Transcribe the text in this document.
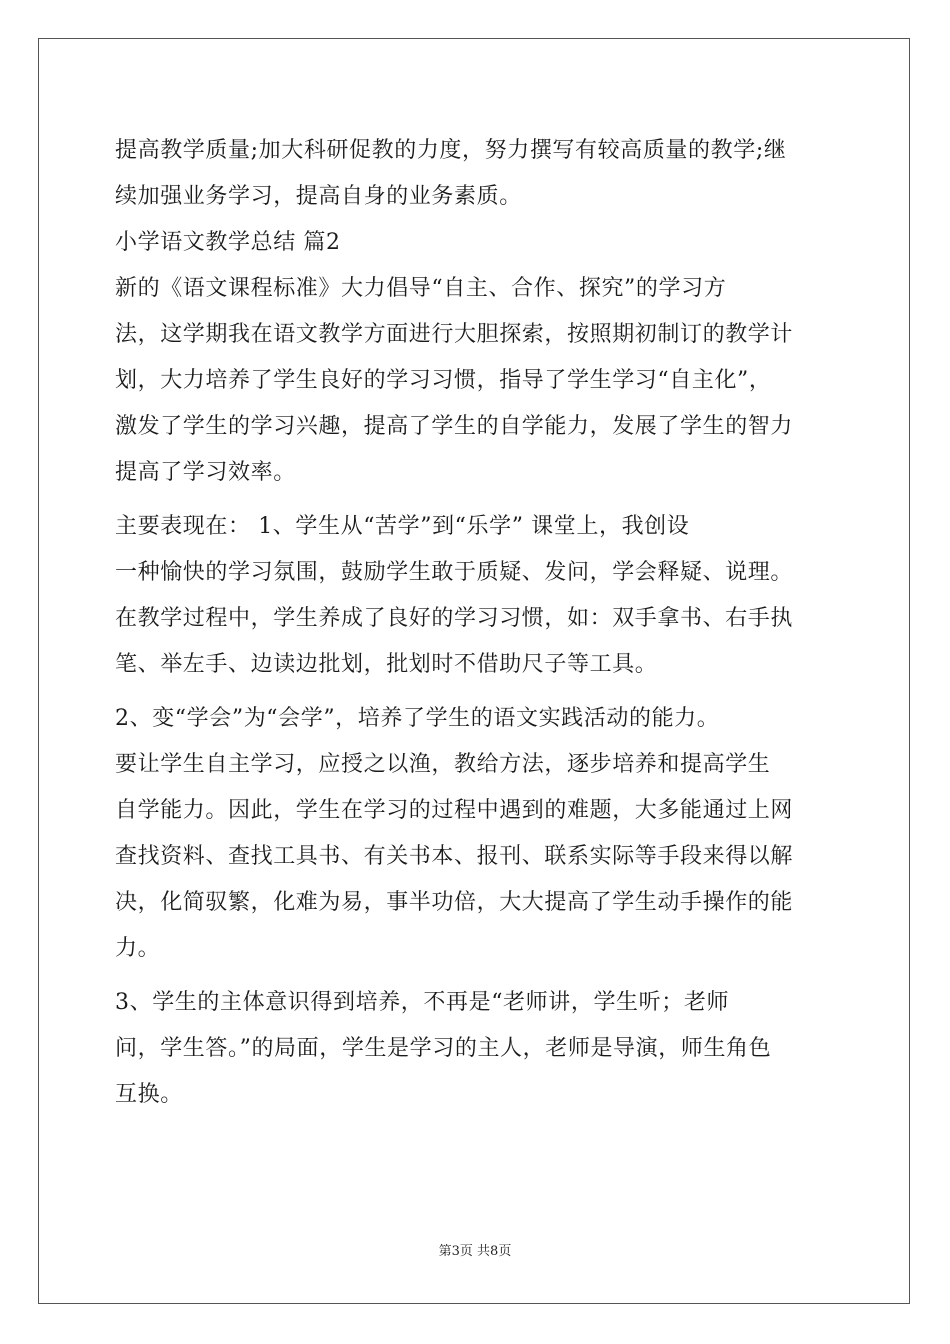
提高教学质量;加大科研促教的力度，努力撰写有较高质量的教学;继
续加强业务学习，提高自身的业务素质。
小学语文教学总结 篇2
新的《语文课程标准》大力倡导“自主、合作、探究”的学习方
法，这学期我在语文教学方面进行大胆探索，按照期初制订的教学计
划，大力培养了学生良好的学习习惯，指导了学生学习“自主化”，
激发了学生的学习兴趣，提高了学生的自学能力，发展了学生的智力
提高了学习效率。
主要表现在： 1、学生从“苦学”到“乐学” 课堂上，我创设
一种愉快的学习氛围，鼓励学生敢于质疑、发问，学会释疑、说理。
在教学过程中，学生养成了良好的学习习惯，如：双手拿书、右手执
笔、举左手、边读边批划，批划时不借助尺子等工具。
2、变“学会”为“会学”，培养了学生的语文实践活动的能力。
要让学生自主学习，应授之以渔，教给方法，逐步培养和提高学生
自学能力。因此，学生在学习的过程中遇到的难题，大多能通过上网
查找资料、查找工具书、有关书本、报刊、联系实际等手段来得以解
决，化简驭繁，化难为易，事半功倍，大大提高了学生动手操作的能
力。
3、学生的主体意识得到培养，不再是“老师讲，学生听；老师
问，学生答。”的局面，学生是学习的主人，老师是导演，师生角色
互换。
第3页 共8页
